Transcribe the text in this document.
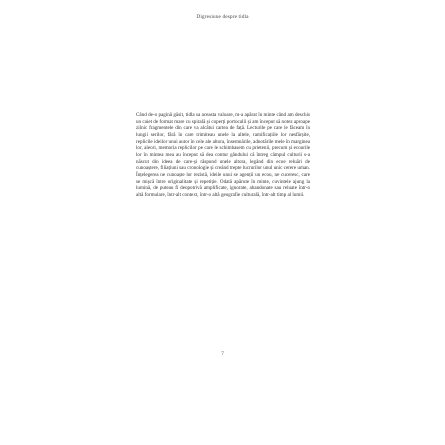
Digresiune despre tidla

Când de-o pagină găsit, tidla sa aceasta valoare, m-a apărat în minte când am deschis un caiet de format mare cu spirală și coperți portocalii și am început să notez aproape zilnic fragmentele din care va alcătui cartea de față. Lecturile pe care le făceam în lungii serilor, fără în care trimiteau unele la altele, ramificațiile lor nesfârșite, replicile ideilor unui autor în cele ale altora, însemnările, adnotările mele în marginea lor, aleori, memoria replicilor pe care le schimbasem cu prietenii, precum și ecourile lor în mintea mea au început să dea contur gândului că întreg câmpul culturii s-a născut din ideea de care-și răspund unele altora, legând din ecoe reluări de cunoaștere, filiațiuni sau cronologie și creând trepte lucrurilor unul unic cerere uman. Înțelegerea ne cunoaște lor rezistă, ideile unui se agenții un ecou, ne cuceresc, care se mișcă între originalitate și repetiție. Odată apărute în minte, cuvintele ajung la lumină, de puteau fi deopotrivă amplificate, ignorate, abandonate sau reluate într-o altă formulare, într-alt context, într-o altă geografie culturală, într-alt timp al lumii.

7
